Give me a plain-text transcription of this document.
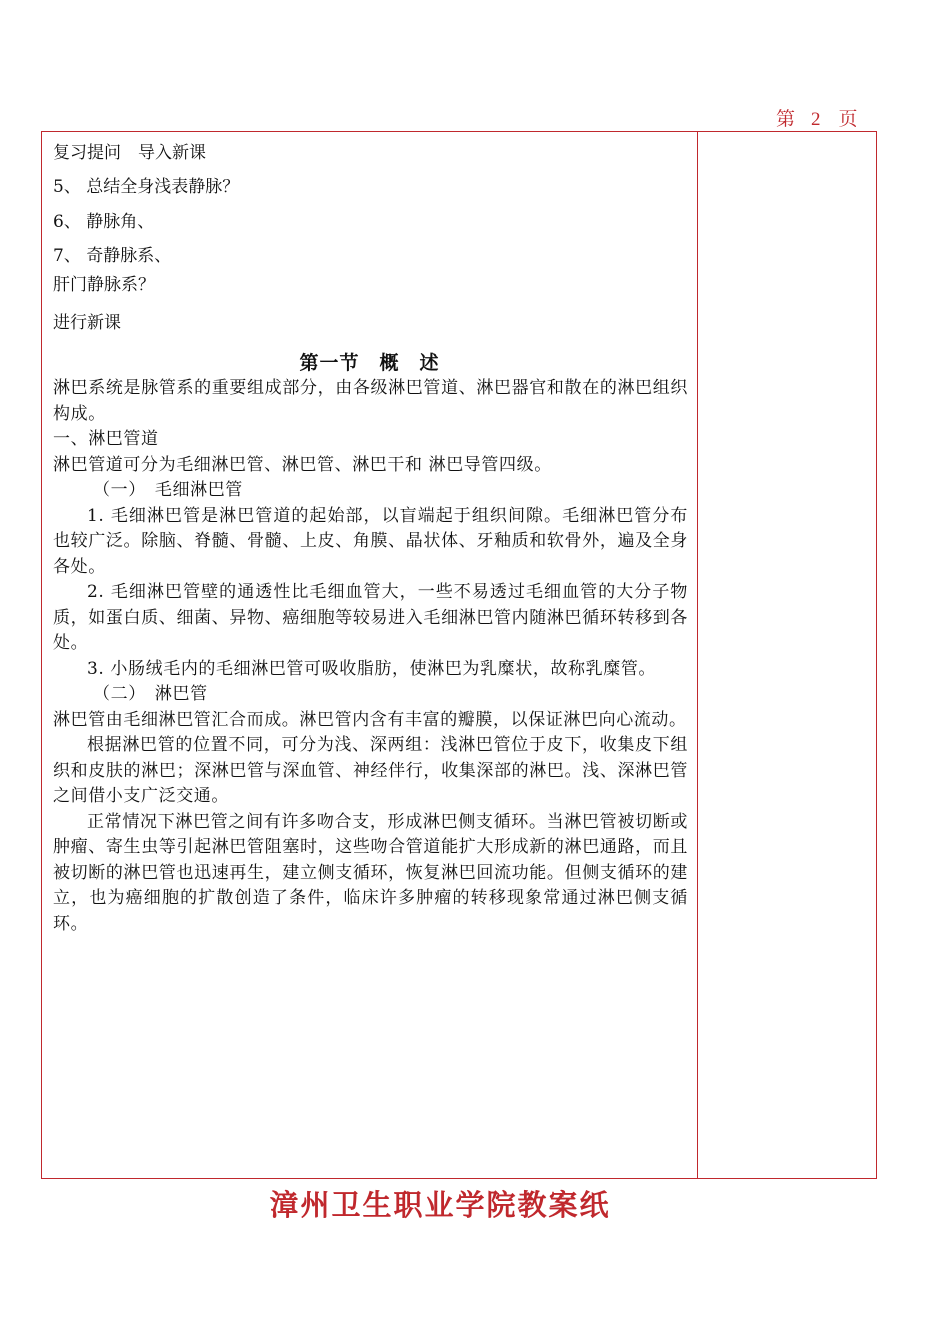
第 2 页
复习提问　导入新课
5、 总结全身浅表静脉？
6、 静脉角、
7、 奇静脉系、
肝门静脉系？
进行新课
第一节　概　述

淋巴系统是脉管系的重要组成部分，由各级淋巴管道、淋巴器官和散在的淋巴组织构成。

一、淋巴管道

淋巴管道可分为毛细淋巴管、淋巴管、淋巴干和 淋巴导管四级。

（一）　毛细淋巴管

1. 毛细淋巴管是淋巴管道的起始部，以盲端起于组织间隙。毛细淋巴管分布也较广泛。除脑、脊髓、骨髓、上皮、角膜、晶状体、牙釉质和软骨外，遍及全身各处。

2. 毛细淋巴管壁的通透性比毛细血管大，一些不易透过毛细血管的大分子物质，如蛋白质、细菌、异物、癌细胞等较易进入毛细淋巴管内随淋巴循环转移到各处。

3. 小肠绒毛内的毛细淋巴管可吸收脂肪，使淋巴为乳糜状，故称乳糜管。

（二）　淋巴管

淋巴管由毛细淋巴管汇合而成。淋巴管内含有丰富的瓣膜，以保证淋巴向心流动。

根据淋巴管的位置不同，可分为浅、深两组：浅淋巴管位于皮下，收集皮下组织和皮肤的淋巴；深淋巴管与深血管、神经伴行，收集深部的淋巴。浅、深淋巴管之间借小支广泛交通。

正常情况下淋巴管之间有许多吻合支，形成淋巴侧支循环。当淋巴管被切断或肿瘤、寄生虫等引起淋巴管阻塞时，这些吻合管道能扩大形成新的淋巴通路，而且被切断的淋巴管也迅速再生，建立侧支循环，恢复淋巴回流功能。但侧支循环的建立，也为癌细胞的扩散创造了条件，临床许多肿瘤的转移现象常通过淋巴侧支循环。

漳州卫生职业学院教案纸
